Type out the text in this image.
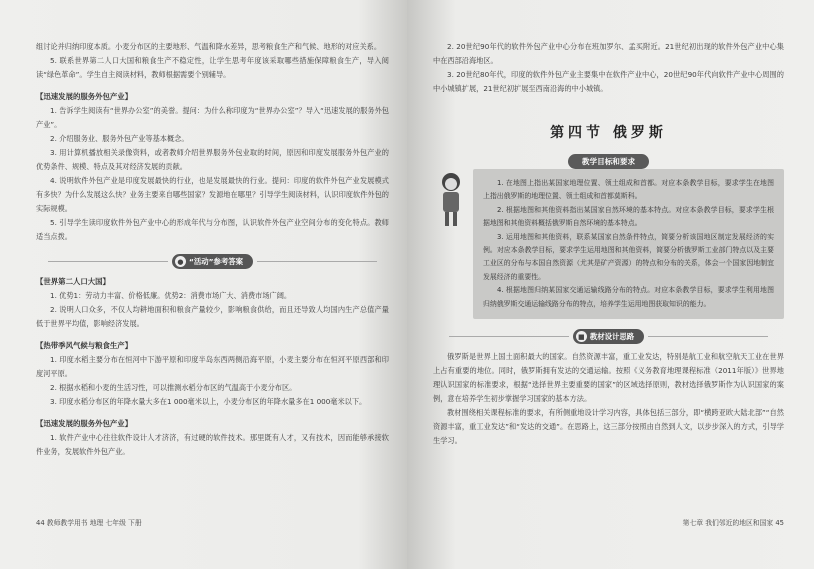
组讨论并归纳印度本质。小麦分布区的主要地形、气温和降水差异，思考粮食生产和气候、地形的对应关系。

5. 联系世界第二人口大国和粮食生产不稳定性，让学生思考年度该采取哪些措施保障粮食生产，导入阅读“绿色革命”。学生自主阅读材料，教师根据需要个别辅导。

【迅速发展的服务外包产业】

1. 告诉学生阅读有“世界办公室”的美誉。提问：为什么称印度为“世界办公室”？导入“迅速发展的服务外包产业”。

2. 介绍服务业、服务外包产业等基本概念。

3. 用计算机播放相关录像资料，或者教师介绍世界服务外包业取的时间，原因和印度发展服务外包产业的优势条件、规模、特点及其对经济发展的贡献。

4. 说明软件外包产业是印度发展最快的行业，也是发展最快的行业。提问：印度的软件外包产业发展模式有多快？为什么发展这么快？业务主要来自哪些国家？发源地在哪里？引导学生阅读材料，认识印度软件外包的实际规模。

5. 引导学生读印度软件外包产业中心的形成年代与分布图，认识软件外包产业空间分布的变化特点。教师适当点拨。

● “活动”参考答案

【世界第二人口大国】

1. 优势1：劳动力丰富、价格低廉。优势2：消费市场广大、消费市场广阔。

2. 说明人口众多，不仅人均耕地面积和粮食产量较少，影响粮食供给，而且还导致人均国内生产总值产量低于世界平均值，影响经济发展。

【热带季风气候与粮食生产】

1. 印度水稻主要分布在恒河中下游平原和印度半岛东西两侧沿海平原，小麦主要分布在恒河平原西部和印度河平原。

2. 根据水稻和小麦的生活习性，可以推测水稻分布区的气温高于小麦分布区。

3. 印度水稻分布区的年降水量大多在1 000毫米以上，小麦分布区的年降水量多在1 000毫米以下。

【迅速发展的服务外包产业】

1. 软件产业中心往往软件设计人才济济，有过硬的软件技术。那里既有人才，又有技术，因而能够承接软件业务，发展软件外包产业。

44 教师教学用书 地理 七年级 下册

2. 20世纪90年代的软件外包产业中心分布在班加罗尔、孟买附近。21世纪初出现的软件外包产业中心集中在西部沿海地区。

3. 20世纪80年代，印度的软件外包产业主要集中在软件产业中心，20世纪90年代向软件产业中心周围的中小城镇扩展，21世纪初扩展至西南沿海的中小城镇。

第四节 俄罗斯
教学目标和要求

1. 在地图上指出某国家地理位置、领土组成和首都。对应本条教学目标，要求学生在地图上指出俄罗斯的地理位置、领土组成和首都莫斯科。

2. 根据地图和其他资料指出某国家自然环境的基本特点。对应本条教学目标，要求学生根据地图和其他资料概括俄罗斯自然环境的基本特点。

3. 运用地图和其他资料，联系某国家自然条件特点，简要分析该国地区制定发展经济的实例。对应本条教学目标，要求学生运用地图和其他资料，简要分析俄罗斯工业部门特点以及主要工业区的分布与本国自然资源（尤其是矿产资源）的特点和分布的关系，体会一个国家因地制宜发展经济的重要性。

4. 根据地图归纳某国家交通运输线路分布的特点。对应本条教学目标，要求学生利用地图归纳俄罗斯交通运输线路分布的特点，培养学生运用地图获取知识的能力。

■ 教材设计思路

俄罗斯是世界上国土面积最大的国家。自然资源丰富，重工业发达，特别是航工业和航空航天工业在世界上占有重要的地位。同时，俄罗斯拥有发达的交通运输。按照《义务教育地理课程标准（2011年版）》世界地理认识国家的标准要求，根据“选择世界主要重要的国家”的区域选择原则，教材选择俄罗斯作为认识国家的案例，意在培养学生初步掌握学习国家的基本方法。

教材围绕相关课程标准的要求，有所侧重地设计学习内容，具体包括三部分，即“横跨亚欧大陆北部”“自然资源丰富，重工业发达”和“发达的交通”。在思路上，这三部分按照由自然到人文，以步步深入的方式，引导学生学习。

第七章 我们邻近的地区和国家 45
